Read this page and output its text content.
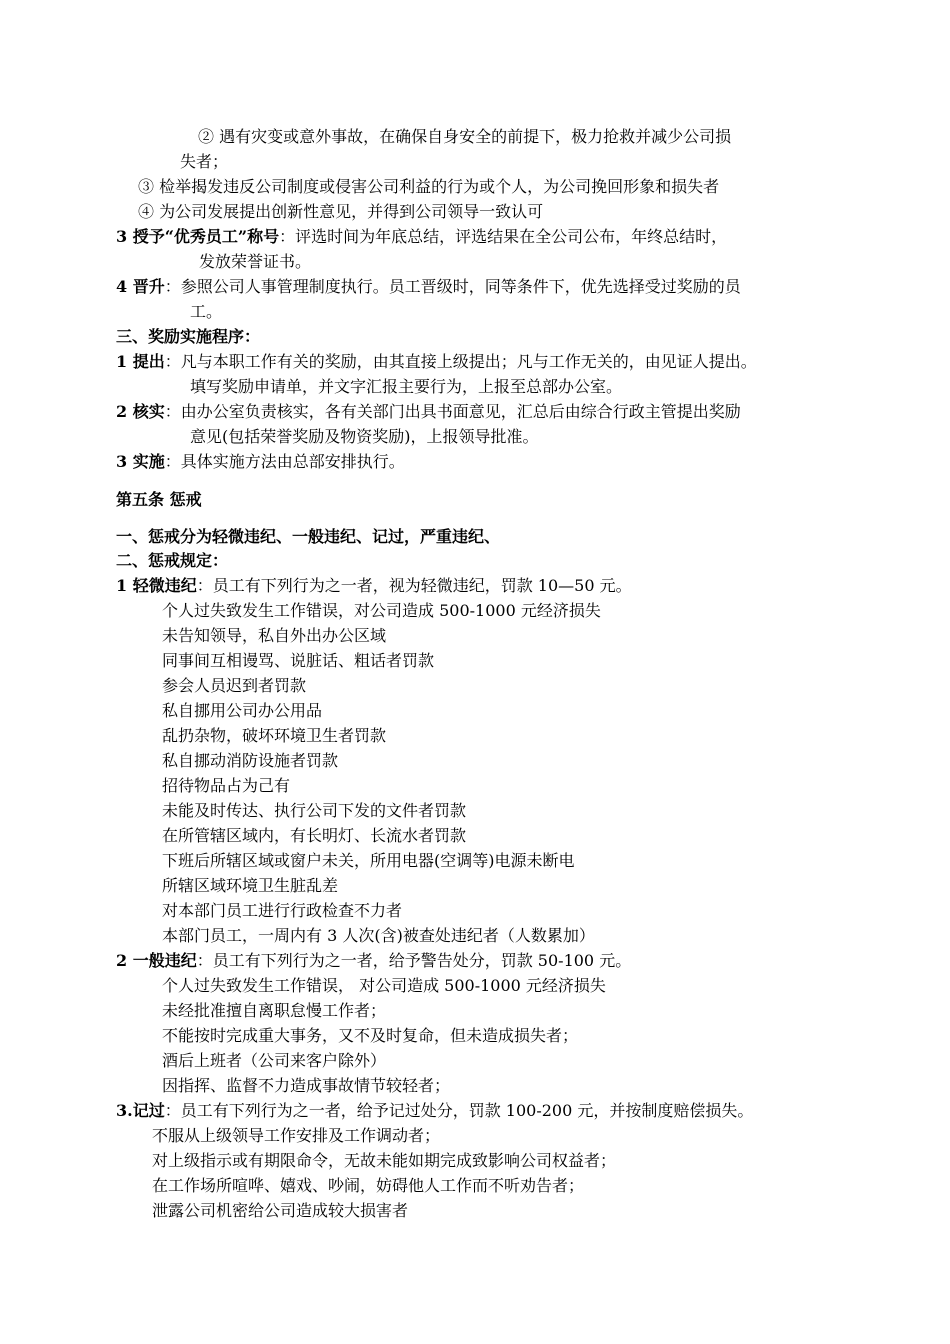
② 遇有灾变或意外事故，在确保自身安全的前提下，极力抢救并减少公司损
失者；
③ 检举揭发违反公司制度或侵害公司利益的行为或个人，为公司挽回形象和损失者
④ 为公司发展提出创新性意见，并得到公司领导一致认可
3 授予“优秀员工”称号：评选时间为年底总结，评选结果在全公司公布，年终总结时，
发放荣誉证书。
4 晋升：参照公司人事管理制度执行。员工晋级时，同等条件下，优先选择受过奖励的员
工。
三、奖励实施程序：
1 提出：凡与本职工作有关的奖励，由其直接上级提出；凡与工作无关的，由见证人提出。
填写奖励申请单，并文字汇报主要行为，上报至总部办公室。
2 核实：由办公室负责核实，各有关部门出具书面意见，汇总后由综合行政主管提出奖励
意见(包括荣誉奖励及物资奖励)，上报领导批准。
3 实施：具体实施方法由总部安排执行。
第五条 惩戒
一、惩戒分为轻微违纪、一般违纪、记过，严重违纪、
二、惩戒规定：
1 轻微违纪：员工有下列行为之一者，视为轻微违纪，罚款 10—50 元。
个人过失致发生工作错误，对公司造成 500-1000 元经济损失
未告知领导，私自外出办公区域
同事间互相谩骂、说脏话、粗话者罚款
参会人员迟到者罚款
私自挪用公司办公用品
乱扔杂物，破坏环境卫生者罚款
私自挪动消防设施者罚款
招待物品占为己有
未能及时传达、执行公司下发的文件者罚款
在所管辖区域内，有长明灯、长流水者罚款
下班后所辖区域或窗户未关，所用电器(空调等)电源未断电
所辖区域环境卫生脏乱差
对本部门员工进行行政检查不力者
本部门员工，一周内有 3 人次(含)被查处违纪者（人数累加）
2 一般违纪：员工有下列行为之一者，给予警告处分，罚款 50-100 元。
个人过失致发生工作错误， 对公司造成 500-1000 元经济损失
未经批准擅自离职怠慢工作者；
不能按时完成重大事务，又不及时复命，但未造成损失者；
酒后上班者（公司来客户除外）
因指挥、监督不力造成事故情节较轻者；
3.记过：员工有下列行为之一者，给予记过处分，罚款 100-200 元，并按制度赔偿损失。
不服从上级领导工作安排及工作调动者；
对上级指示或有期限命令，无故未能如期完成致影响公司权益者；
在工作场所喧哗、嬉戏、吵闹，妨碍他人工作而不听劝告者；
泄露公司机密给公司造成较大损害者
